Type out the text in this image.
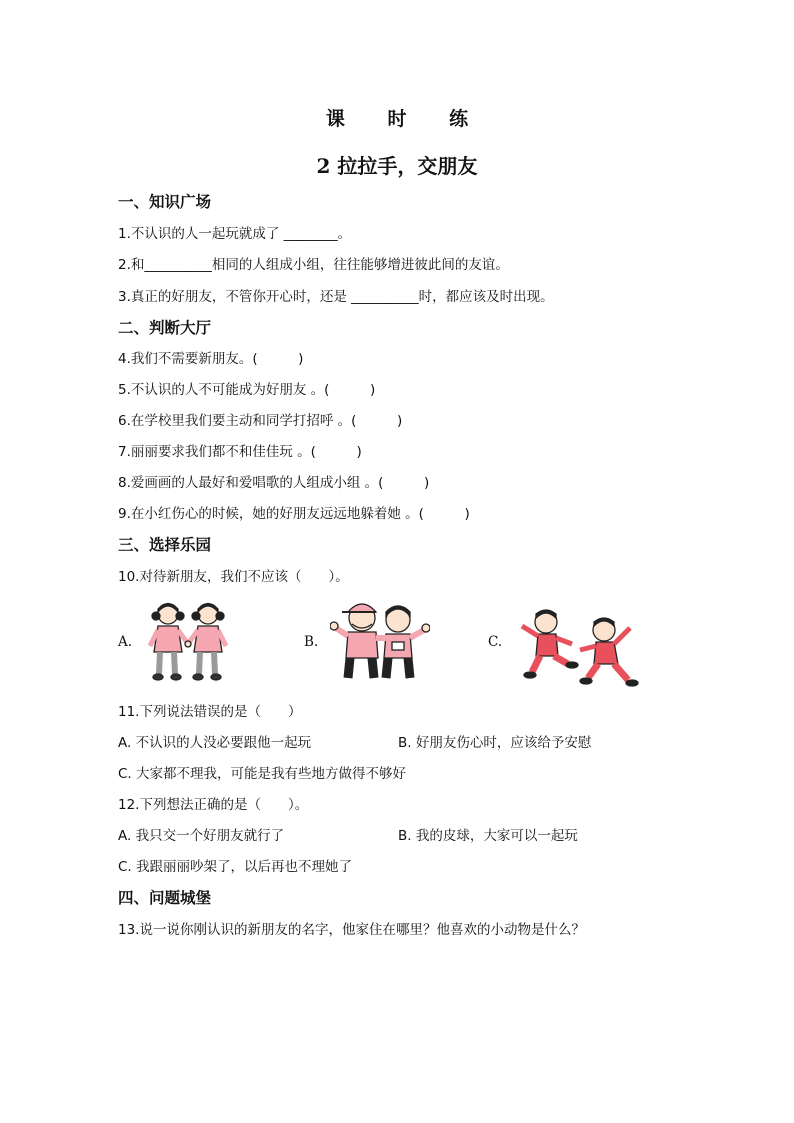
课 时 练
2 拉拉手，交朋友
一、知识广场
1.不认识的人一起玩就成了 ________。
2.和__________相同的人组成小组，往往能够增进彼此间的友谊。
3.真正的好朋友，不管你开心时，还是 __________时，都应该及时出现。
二、判断大厅
4.我们不需要新朋友。(　　　)
5.不认识的人不可能成为好朋友 。(　　　)
6.在学校里我们要主动和同学打招呼 。(　　　)
7.丽丽要求我们都不和佳佳玩 。(　　　)
8.爱画画的人最好和爱唱歌的人组成小组 。(　　　)
9.在小红伤心的时候，她的好朋友远远地躲着她 。(　　　)
三、选择乐园
10.对待新朋友，我们不应该（　　）。
A.	B.	C.
11.下列说法错误的是（　　）
A. 不认识的人没必要跟他一起玩	B. 好朋友伤心时，应该给予安慰
C. 大家都不理我，可能是我有些地方做得不够好
12.下列想法正确的是（　　）。
A. 我只交一个好朋友就行了	B. 我的皮球，大家可以一起玩
C. 我跟丽丽吵架了，以后再也不理她了
四、问题城堡
13.说一说你刚认识的新朋友的名字，他家住在哪里？他喜欢的小动物是什么？
